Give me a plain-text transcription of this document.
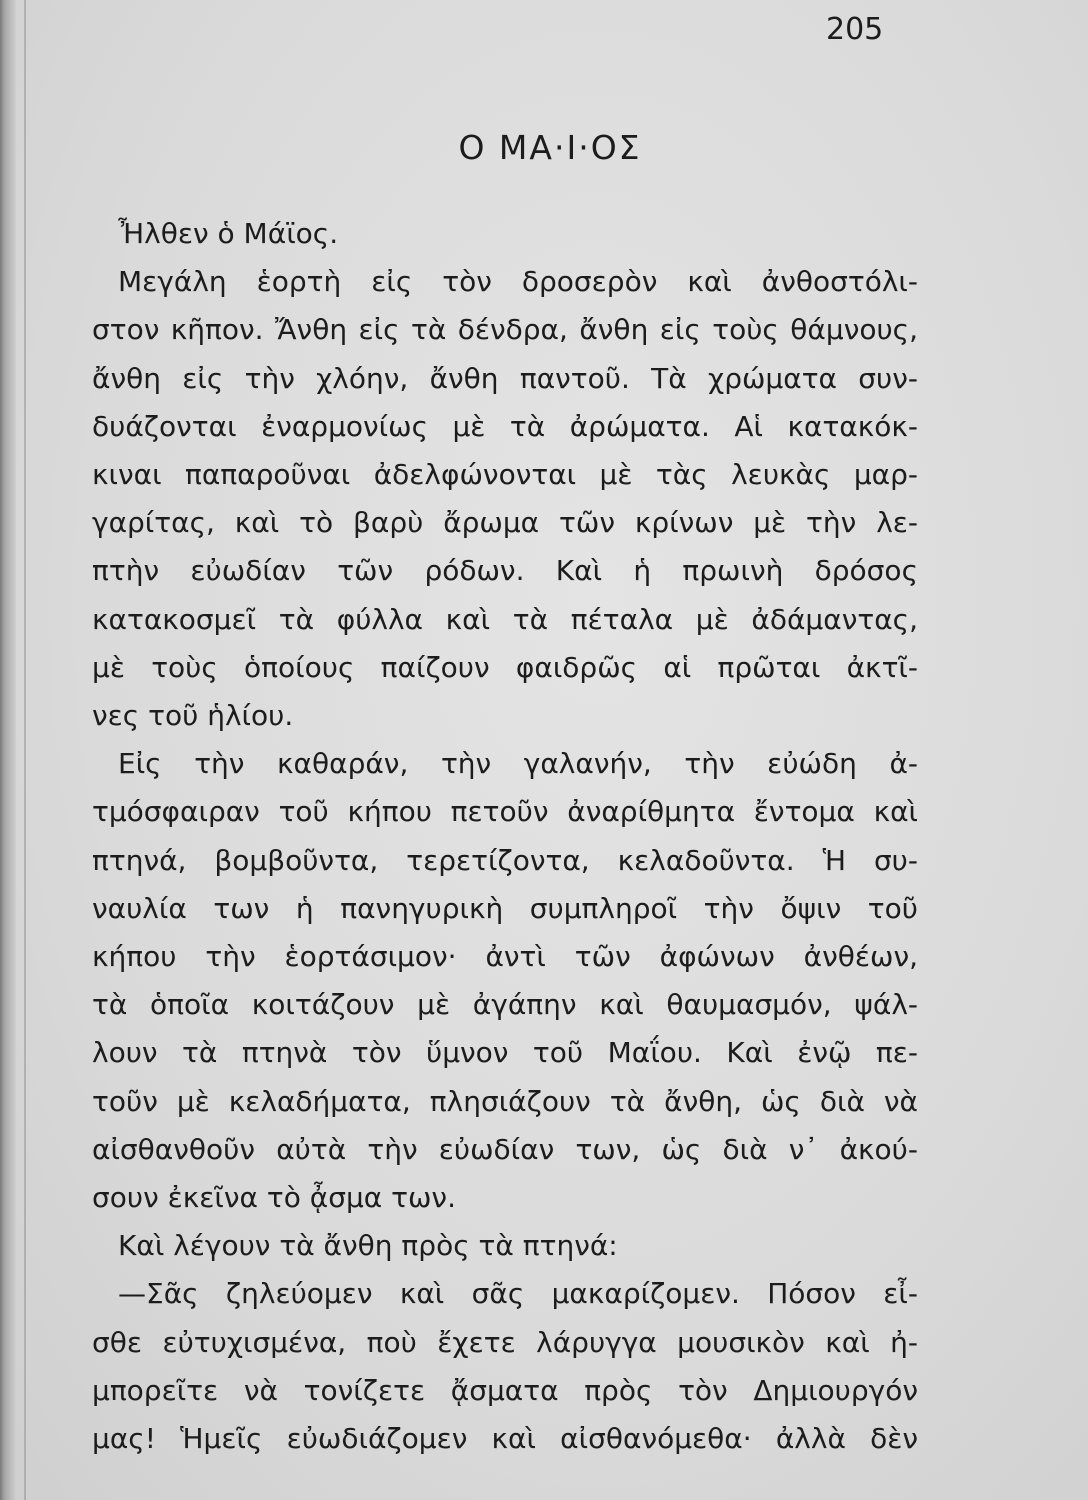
205
Ο ΜΑ·Ι·ΟΣ
Ἦλθεν ὁ Μάϊος.
Μεγάλη ἑορτὴ εἰς τὸν δροσερὸν καὶ ἀνθοστόλι-
στον κῆπον. Ἄνθη εἰς τὰ δένδρα, ἄνθη εἰς τοὺς θάμνους,
ἄνθη εἰς τὴν χλόην, ἄνθη παντοῦ. Τὰ χρώματα συν-
δυάζονται ἐναρμονίως μὲ τὰ ἀρώματα. Αἱ κατακόκ-
κιναι παπαροῦναι ἀδελφώνονται μὲ τὰς λευκὰς μαρ-
γαρίτας, καὶ τὸ βαρὺ ἄρωμα τῶν κρίνων μὲ τὴν λε-
πτὴν εὐωδίαν τῶν ρόδων. Καὶ ἡ πρωινὴ δρόσος
κατακοσμεῖ τὰ φύλλα καὶ τὰ πέταλα μὲ ἀδάμαντας,
μὲ τοὺς ὁποίους παίζουν φαιδρῶς αἱ πρῶται ἀκτῖ-
νες τοῦ ἡλίου.
Εἰς τὴν καθαράν, τὴν γαλανήν, τὴν εὐώδη ἀ-
τμόσφαιραν τοῦ κήπου πετοῦν ἀναρίθμητα ἔντομα καὶ
πτηνά, βομβοῦντα, τερετίζοντα, κελαδοῦντα. Ἡ συ-
ναυλία των ἡ πανηγυρικὴ συμπληροῖ τὴν ὄψιν τοῦ
κήπου τὴν ἑορτάσιμον· ἀντὶ τῶν ἀφώνων ἀνθέων,
τὰ ὁποῖα κοιτάζουν μὲ ἀγάπην καὶ θαυμασμόν, ψάλ-
λουν τὰ πτηνὰ τὸν ὕμνον τοῦ Μαΐου. Καὶ ἐνῷ πε-
τοῦν μὲ κελαδήματα, πλησιάζουν τὰ ἄνθη, ὡς διὰ νὰ
αἰσθανθοῦν αὐτὰ τὴν εὐωδίαν των, ὡς διὰ ν᾽ ἀκού-
σουν ἐκεῖνα τὸ ᾆσμα των.
Καὶ λέγουν τὰ ἄνθη πρὸς τὰ πτηνά:
—Σᾶς ζηλεύομεν καὶ σᾶς μακαρίζομεν. Πόσον εἶ-
σθε εὐτυχισμένα, ποὺ ἔχετε λάρυγγα μουσικὸν καὶ ἠ-
μπορεῖτε νὰ τονίζετε ᾄσματα πρὸς τὸν Δημιουργόν
μας! Ἡμεῖς εὐωδιάζομεν καὶ αἰσθανόμεθα· ἀλλὰ δὲν
